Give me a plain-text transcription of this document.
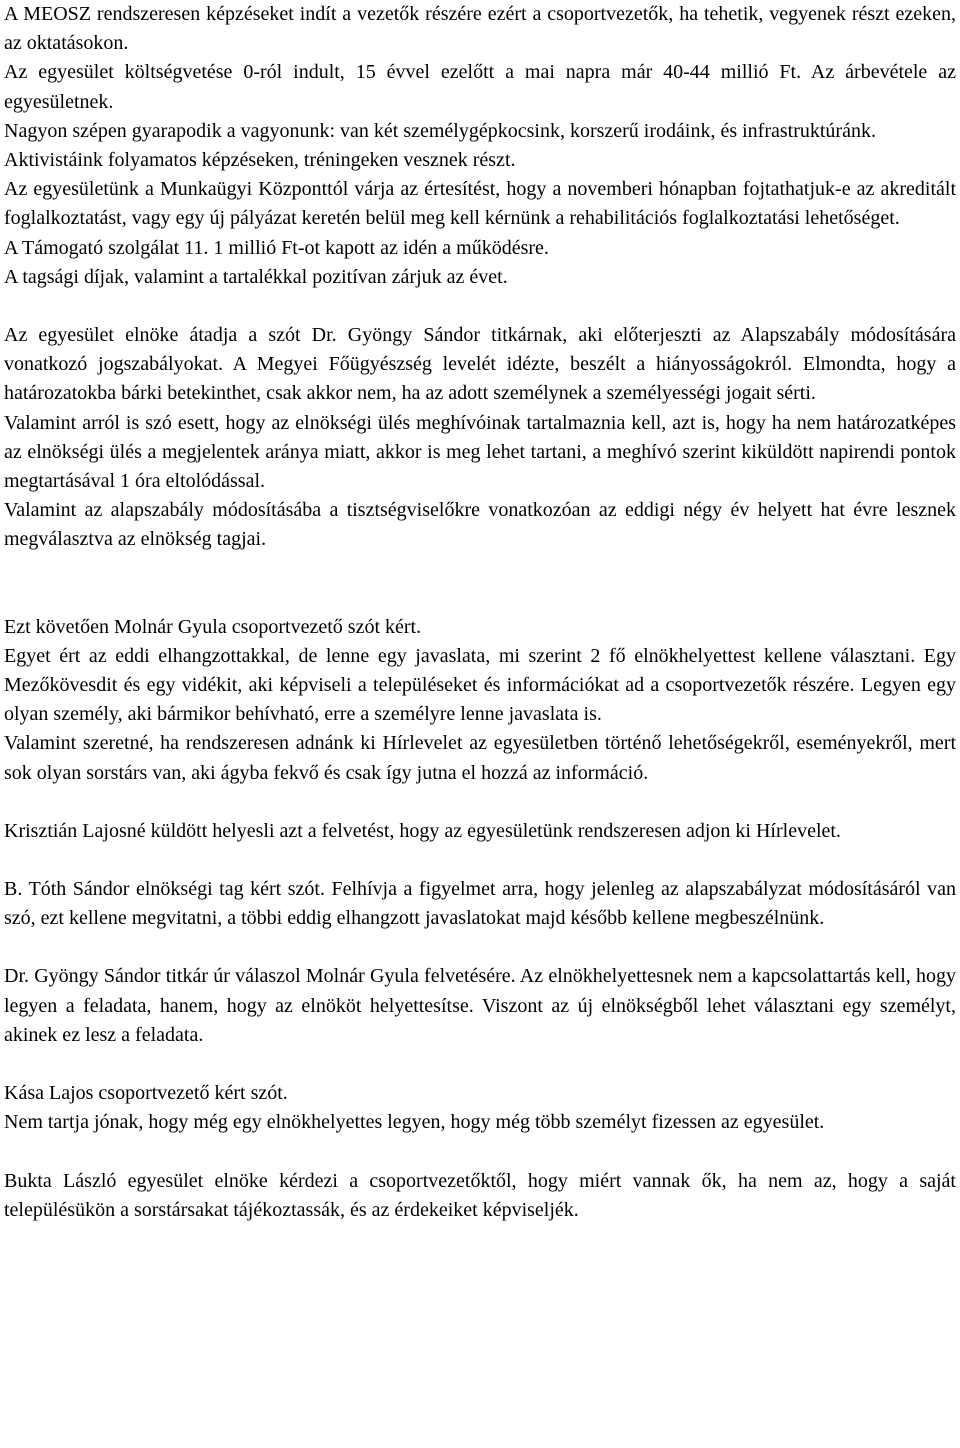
A MEOSZ rendszeresen képzéseket indít a vezetők részére ezért a csoportvezetők, ha tehetik, vegyenek részt ezeken, az oktatásokon.

Az egyesület költségvetése 0-ról indult, 15 évvel ezelőtt a mai napra már 40-44 millió Ft. Az árbevétele az egyesületnek.

Nagyon szépen gyarapodik a vagyonunk: van két személygépkocsink, korszerű irodáink, és infrastruktúránk.

Aktivistáink folyamatos képzéseken, tréningeken vesznek részt.

Az egyesületünk a Munkaügyi Központtól várja az értesítést, hogy a novemberi hónapban fojtathatjuk-e az akreditált foglalkoztatást, vagy egy új pályázat keretén belül meg kell kérnünk a rehabilitációs foglalkoztatási lehetőséget.

A Támogató szolgálat 11. 1 millió Ft-ot kapott az idén a működésre.

A tagsági díjak, valamint a tartalékkal pozitívan zárjuk az évet.

Az egyesület elnöke átadja a szót Dr. Gyöngy Sándor titkárnak, aki előterjeszti az Alapszabály módosítására vonatkozó jogszabályokat. A Megyei Főügyészség levelét idézte, beszélt a hiányosságokról. Elmondta, hogy a határozatokba bárki betekinthet, csak akkor nem, ha az adott személynek a személyességi jogait sérti.

Valamint arról is szó esett, hogy az elnökségi ülés meghívóinak tartalmaznia kell, azt is, hogy ha nem határozatképes az elnökségi ülés a megjelentek aránya miatt, akkor is meg lehet tartani, a meghívó szerint kiküldött napirendi pontok megtartásával 1 óra eltolódással.

Valamint az alapszabály módosításába a tisztségviselőkre vonatkozóan az eddigi négy év helyett hat évre lesznek megválasztva az elnökség tagjai.

Ezt követően Molnár Gyula csoportvezető szót kért.

Egyet ért az eddi elhangzottakkal, de lenne egy javaslata, mi szerint 2 fő elnökhelyettest kellene választani. Egy Mezőkövesdit és egy vidékit, aki képviseli a településeket és információkat ad a csoportvezetők részére. Legyen egy olyan személy, aki bármikor behívható, erre a személyre lenne javaslata is.

Valamint szeretné, ha rendszeresen adnánk ki Hírlevelet az egyesületben történő lehetőségekről, eseményekről, mert sok olyan sorstárs van, aki ágyba fekvő és csak így jutna el hozzá az információ.

Krisztián Lajosné küldött helyesli azt a felvetést, hogy az egyesületünk rendszeresen adjon ki Hírlevelet.

B. Tóth Sándor elnökségi tag kért szót. Felhívja a figyelmet arra, hogy jelenleg az alapszabályzat módosításáról van szó, ezt kellene megvitatni, a többi eddig elhangzott javaslatokat majd később kellene megbeszélnünk.

Dr. Gyöngy Sándor titkár úr válaszol Molnár Gyula felvetésére. Az elnökhelyettesnek nem a kapcsolattartás kell, hogy legyen a feladata, hanem, hogy az elnököt helyettesítse. Viszont az új elnökségből lehet választani egy személyt, akinek ez lesz a feladata.

Kása Lajos csoportvezető kért szót.

Nem tartja jónak, hogy még egy elnökhelyettes legyen, hogy még több személyt fizessen az egyesület.

Bukta László egyesület elnöke kérdezi a csoportvezetőktől, hogy miért vannak ők, ha nem az, hogy a saját településükön a sorstársakat tájékoztassák, és az érdekeiket képviseljék.
